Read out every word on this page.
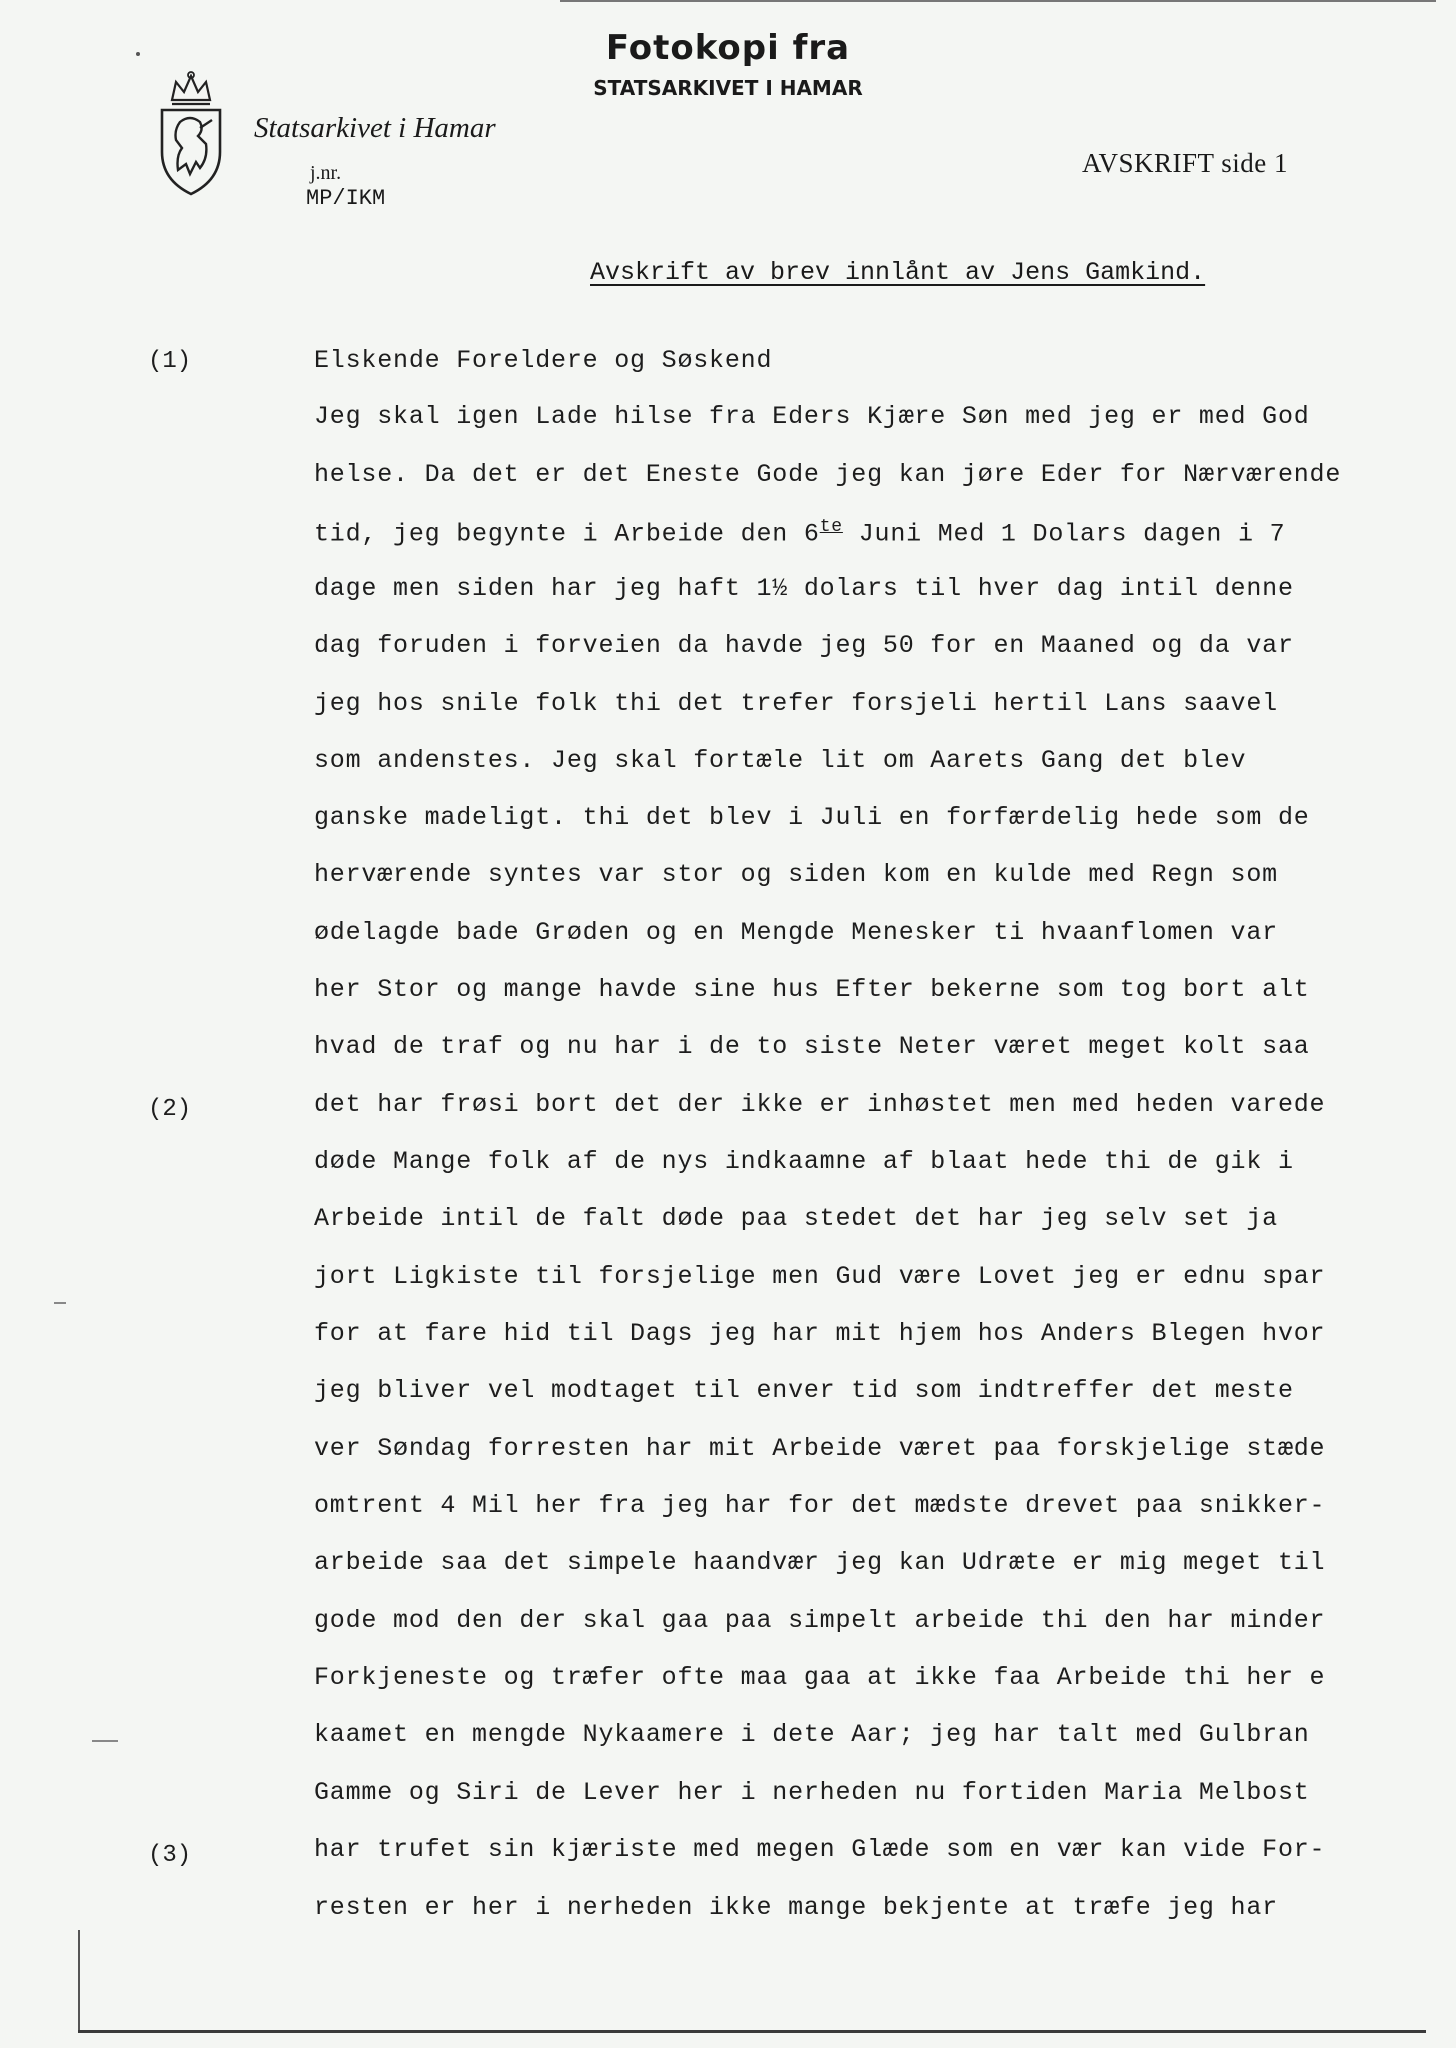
Fotokopi fra
STATSARKIVET I HAMAR
Statsarkivet i Hamar
j.nr.
MP/IKM
AVSKRIFT side 1
Avskrift av brev innlånt av Jens Gamkind.
(1)
(2)
(3)
Elskende Foreldere og Søskend
Jeg skal igen Lade hilse fra Eders Kjære Søn med jeg er med God
helse. Da det er det Eneste Gode jeg kan jøre Eder for Nærværende
tid, jeg begynte i Arbeide den $6^{te}$ Juni Med 1 Dolars dagen i 7
dage men siden har jeg haft 1½ dolars til hver dag intil denne
dag foruden i forveien da havde jeg 50 for en Maaned og da var
jeg hos snile folk thi det trefer forsjeli hertil Lans saavel
som andenstes. Jeg skal fortæle lit om Aarets Gang det blev
ganske madeligt. thi det blev i Juli en forfærdelig hede som de
herværende syntes var stor og siden kom en kulde med Regn som
ødelagde bade Grøden og en Mengde Menesker ti hvaanflomen var
her Stor og mange havde sine hus Efter bekerne som tog bort alt
hvad de traf og nu har i de to siste Neter været meget kolt saa
det har frøsi bort det der ikke er inhøstet men med heden varede
døde Mange folk af de nys indkaamne af blaat hede thi de gik i
Arbeide intil de falt døde paa stedet det har jeg selv set ja
jort Ligkiste til forsjelige men Gud være Lovet jeg er ednu spar
for at fare hid til Dags jeg har mit hjem hos Anders Blegen hvor
jeg bliver vel modtaget til enver tid som indtreffer det meste
ver Søndag forresten har mit Arbeide været paa forskjelige stæde
omtrent 4 Mil her fra jeg har for det mædste drevet paa snikker-
arbeide saa det simpele haandvær jeg kan Udræte er mig meget til
gode mod den der skal gaa paa simpelt arbeide thi den har minder
Forkjeneste og træfer ofte maa gaa at ikke faa Arbeide thi her e
kaamet en mengde Nykaamere i dete Aar; jeg har talt med Gulbran
Gamme og Siri de Lever her i nerheden nu fortiden Maria Melbost
har trufet sin kjæriste med megen Glæde som en vær kan vide For-
resten er her i nerheden ikke mange bekjente at træfe jeg har
